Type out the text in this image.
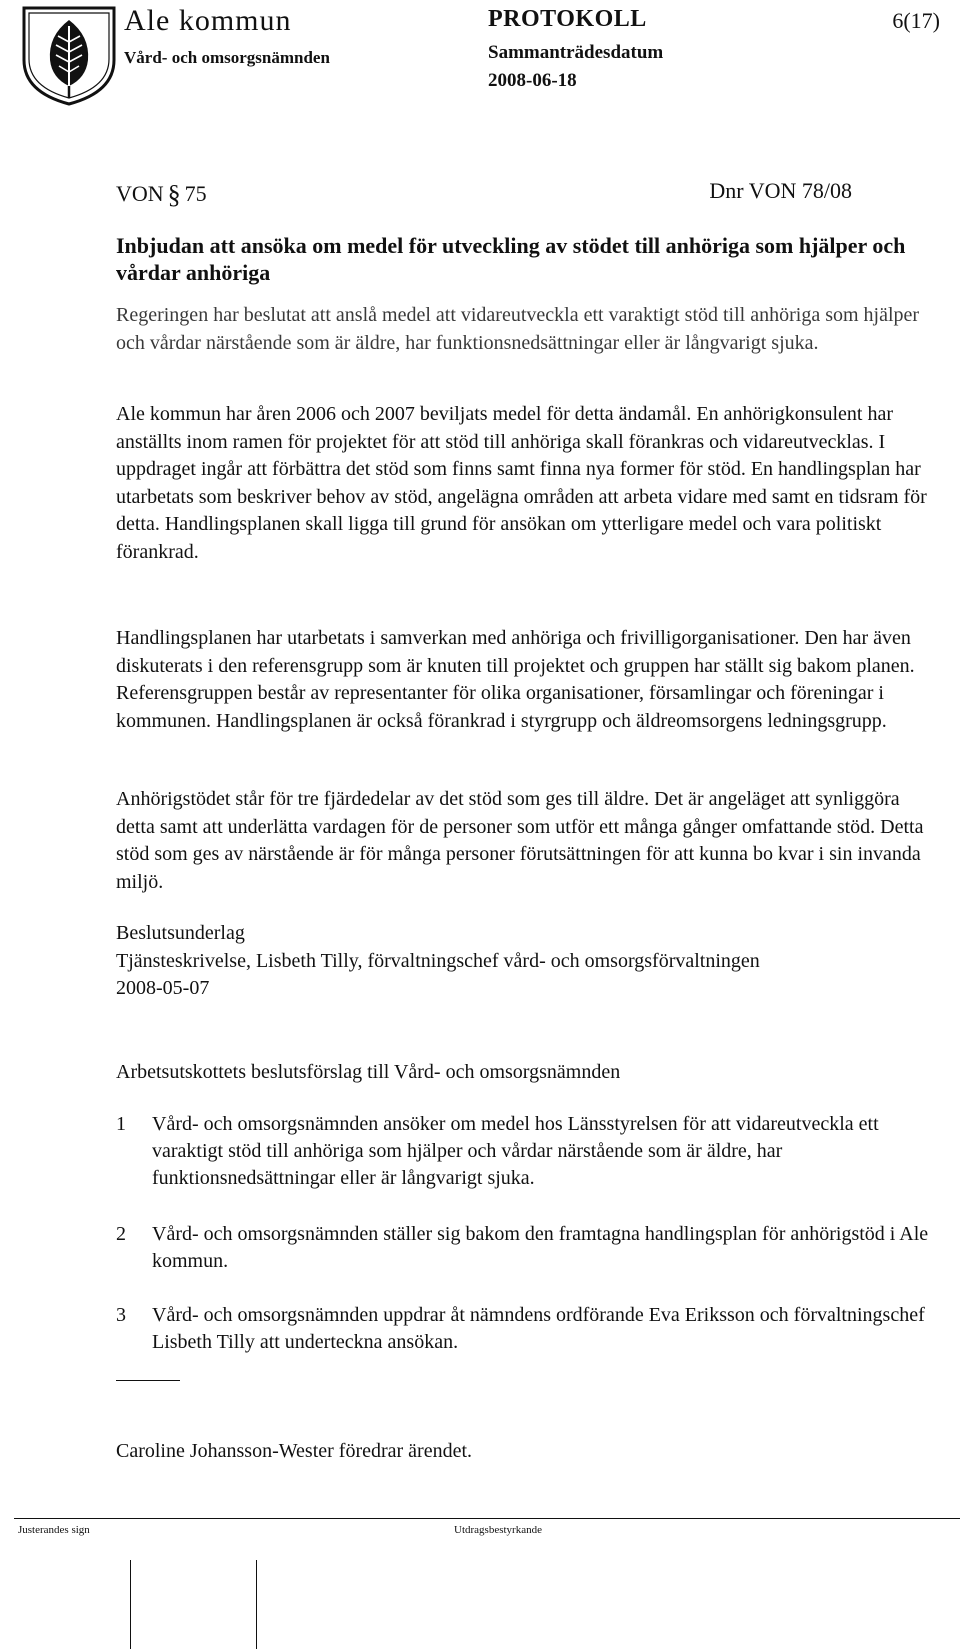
Ale kommun
Vård- och omsorgsnämnden
PROTOKOLL
Sammanträdesdatum
2008-06-18
6(17)
VON § 75	Dnr VON 78/08
Inbjudan att ansöka om medel för utveckling av stödet till anhöriga som hjälper och vårdar anhöriga
Regeringen har beslutat att anslå medel att vidareutveckla ett varaktigt stöd till anhöriga som hjälper och vårdar närstående som är äldre, har funktionsnedsättningar eller är långvarigt sjuka.
Ale kommun har åren 2006 och 2007 beviljats medel för detta ändamål. En anhörigkonsulent har anställts inom ramen för projektet för att stöd till anhöriga skall förankras och vidareutvecklas. I uppdraget ingår att förbättra det stöd som finns samt finna nya former för stöd. En handlingsplan har utarbetats som beskriver behov av stöd, angelägna områden att arbeta vidare med samt en tidsram för detta. Handlingsplanen skall ligga till grund för ansökan om ytterligare medel och vara politiskt förankrad.
Handlingsplanen har utarbetats i samverkan med anhöriga och frivilligorganisationer. Den har även diskuterats i den referensgrupp som är knuten till projektet och gruppen har ställt sig bakom planen. Referensgruppen består av representanter för olika organisationer, församlingar och föreningar i kommunen. Handlingsplanen är också förankrad i styrgrupp och äldreomsorgens ledningsgrupp.
Anhörigstödet står för tre fjärdedelar av det stöd som ges till äldre. Det är angeläget att synliggöra detta samt att underlätta vardagen för de personer som utför ett många gånger omfattande stöd. Detta stöd som ges av närstående är för många personer förutsättningen för att kunna bo kvar i sin invanda miljö.
Beslutsunderlag
Tjänsteskrivelse, Lisbeth Tilly, förvaltningschef vård- och omsorgsförvaltningen
2008-05-07
Arbetsutskottets beslutsförslag till Vård- och omsorgsnämnden
1 Vård- och omsorgsnämnden ansöker om medel hos Länsstyrelsen för att vidareutveckla ett varaktigt stöd till anhöriga som hjälper och vårdar närstående som är äldre, har funktionsnedsättningar eller är långvarigt sjuka.
2 Vård- och omsorgsnämnden ställer sig bakom den framtagna handlingsplan för anhörigstöd i Ale kommun.
3 Vård- och omsorgsnämnden uppdrar åt nämndens ordförande Eva Eriksson och förvaltningschef Lisbeth Tilly att underteckna ansökan.
Caroline Johansson-Wester föredrar ärendet.
Justerandes sign	Utdragsbestyrkande
